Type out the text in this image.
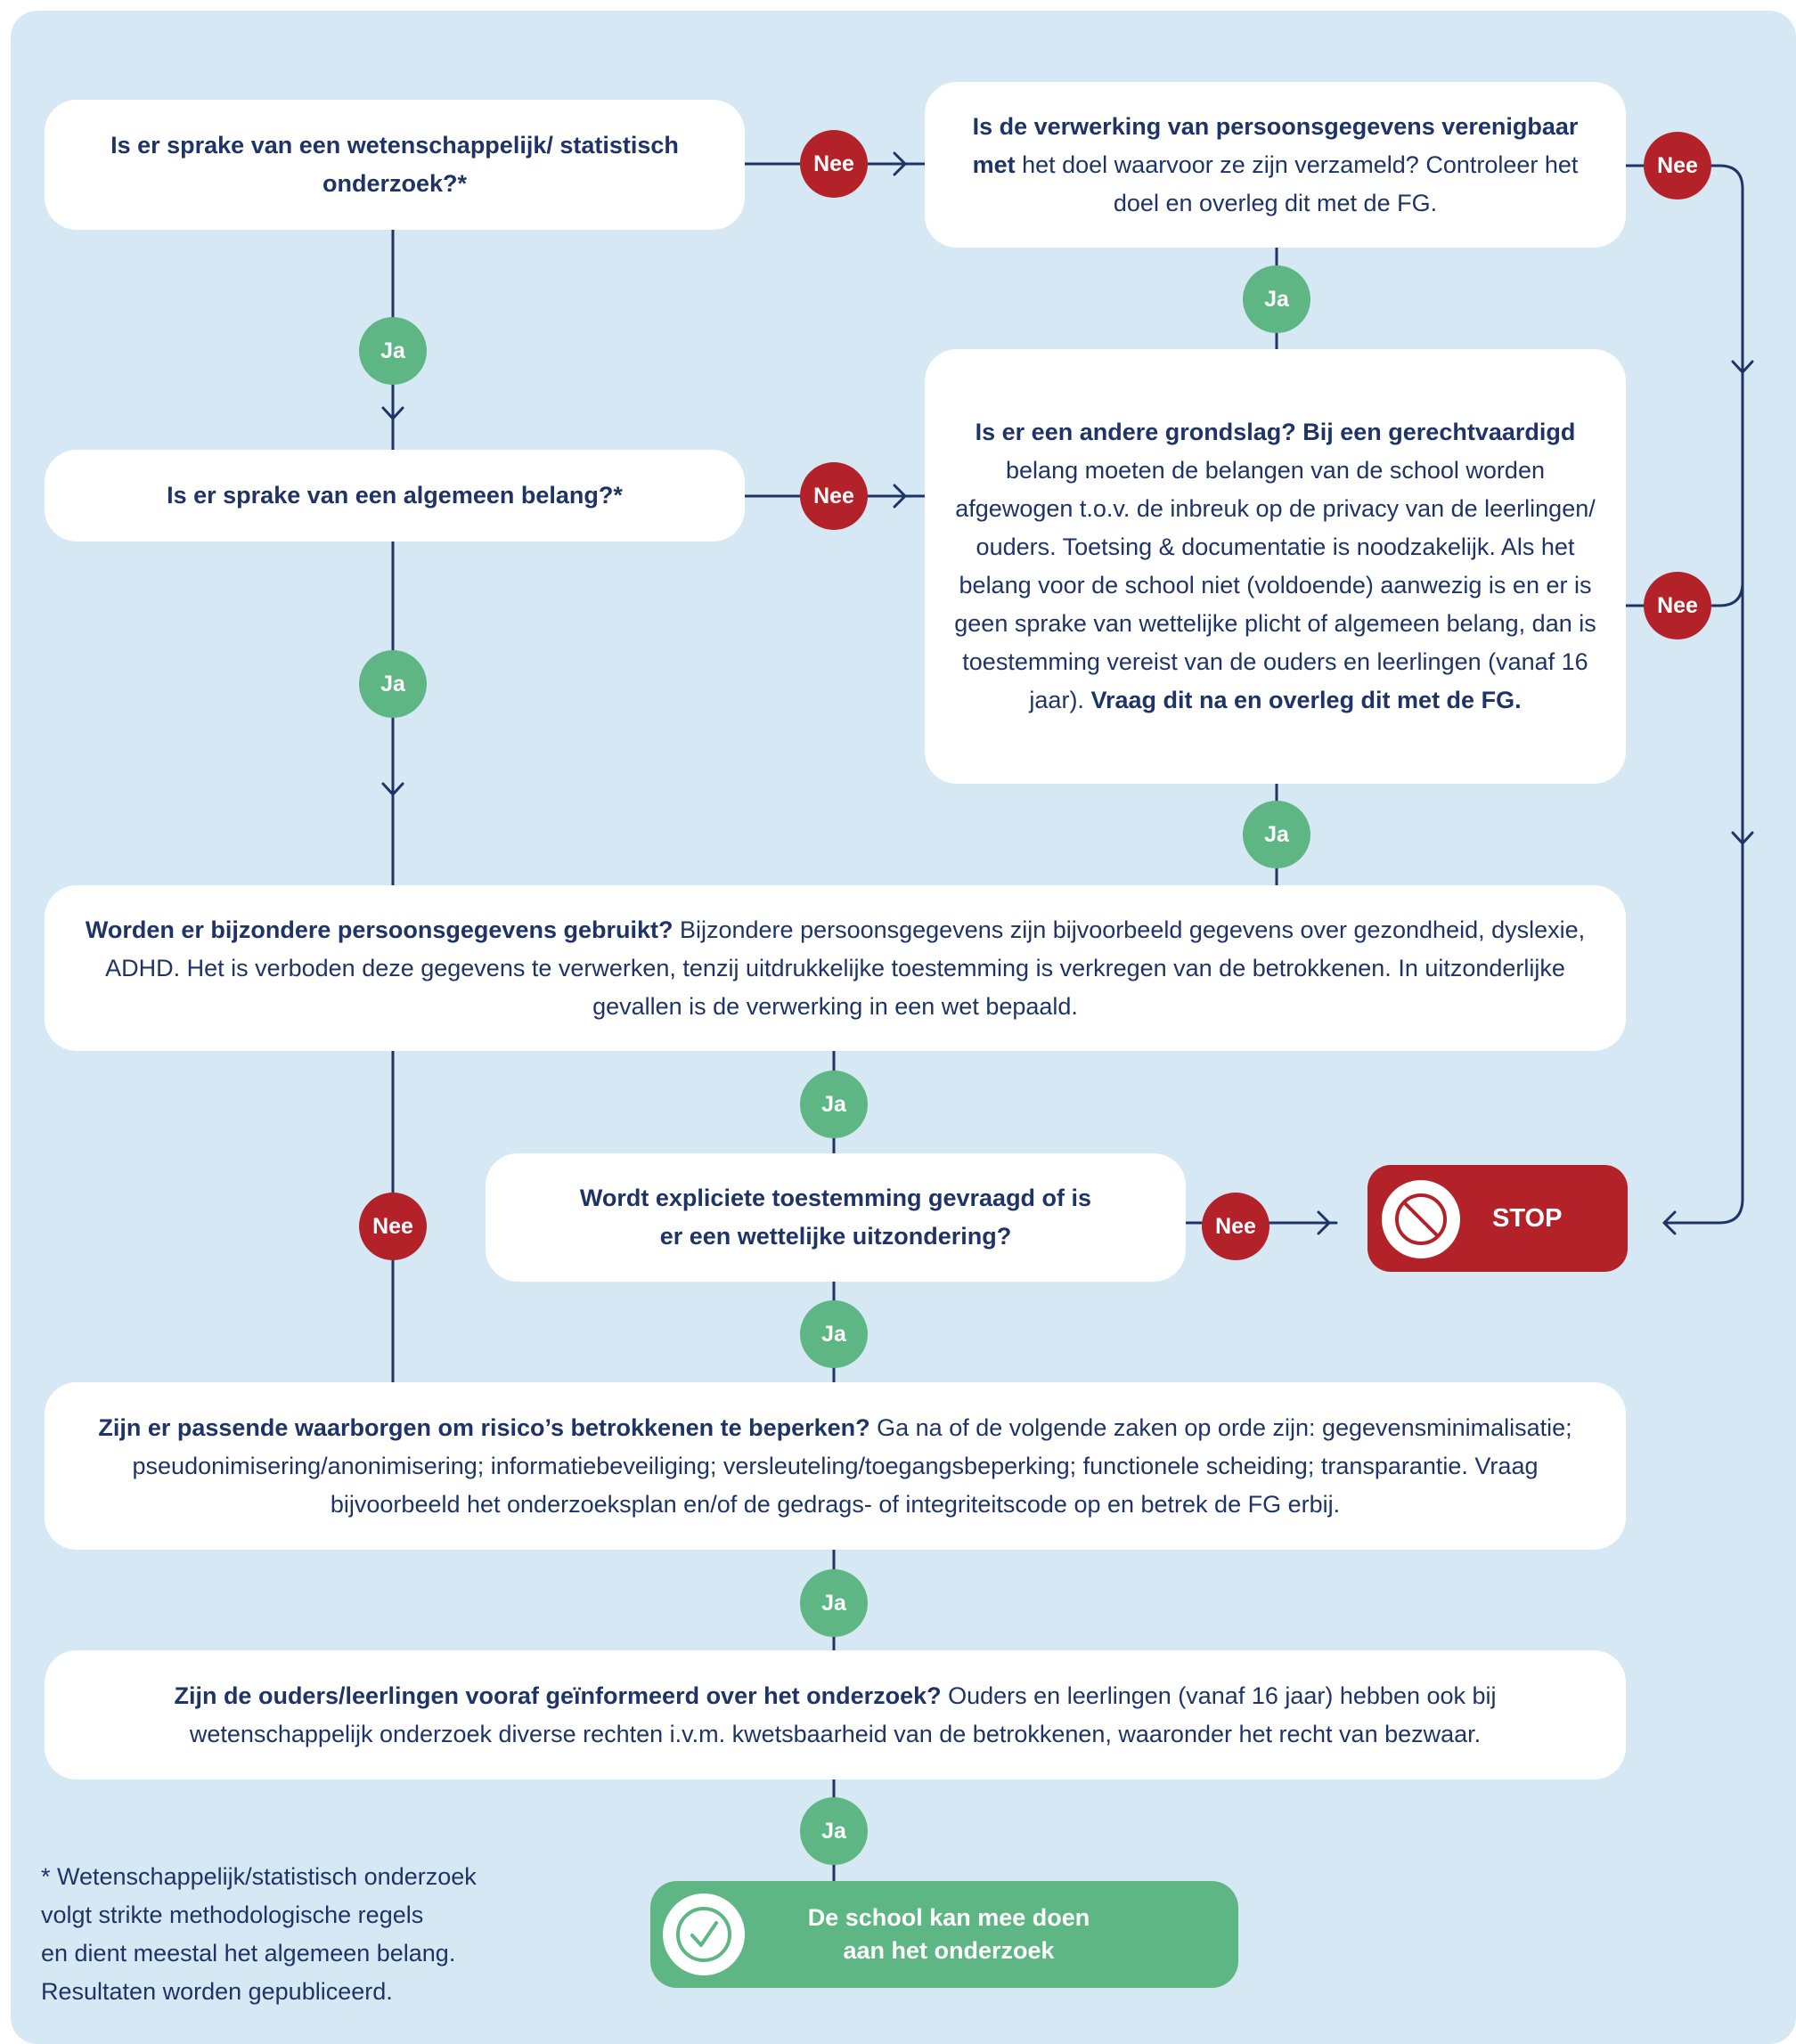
Is er sprake van een wetenschappelijk/ statistisch onderzoek?*

Is er sprake van een algemeen belang?*

Is de verwerking van persoonsgegevens verenigbaar met het doel waarvoor ze zijn verzameld? Controleer het doel en overleg dit met de FG.

Is er een andere grondslag? Bij een gerechtvaardigd belang moeten de belangen van de school worden afgewogen t.o.v. de inbreuk op de privacy van de leerlingen/ ouders. Toetsing & documentatie is noodzakelijk. Als het belang voor de school niet (voldoende) aanwezig is en er is geen sprake van wettelijke plicht of algemeen belang, dan is toestemming vereist van de ouders en leerlingen (vanaf 16 jaar). Vraag dit na en overleg dit met de FG.

Worden er bijzondere persoonsgegevens gebruikt? Bijzondere persoonsgegevens zijn bijvoorbeeld gegevens over gezondheid, dyslexie, ADHD. Het is verboden deze gegevens te verwerken, tenzij uitdrukkelijke toestemming is verkregen van de betrokkenen. In uitzonderlijke gevallen is de verwerking in een wet bepaald.

Wordt expliciete toestemming gevraagd of is er een wettelijke uitzondering?

Zijn er passende waarborgen om risico’s betrokkenen te beperken? Ga na of de volgende zaken op orde zijn: gegevensminimalisatie; pseudonimisering/anonimisering; informatiebeveiliging; versleuteling/toegangsbeperking; functionele scheiding; transparantie. Vraag bijvoorbeeld het onderzoeksplan en/of de gedrags- of integriteitscode op en betrek de FG erbij.

Zijn de ouders/leerlingen vooraf geïnformeerd over het onderzoek? Ouders en leerlingen (vanaf 16 jaar) hebben ook bij wetenschappelijk onderzoek diverse rechten i.v.m. kwetsbaarheid van de betrokkenen, waaronder het recht van bezwaar.

Nee
Nee
Nee
Nee
Nee	Nee
Ja
Ja
Ja
Ja
Ja
Ja
Ja
Ja
STOP
De school kan mee doen
aan het onderzoek
* Wetenschappelijk/statistisch onderzoek
volgt strikte methodologische regels
en dient meestal het algemeen belang.
Resultaten worden gepubliceerd.
